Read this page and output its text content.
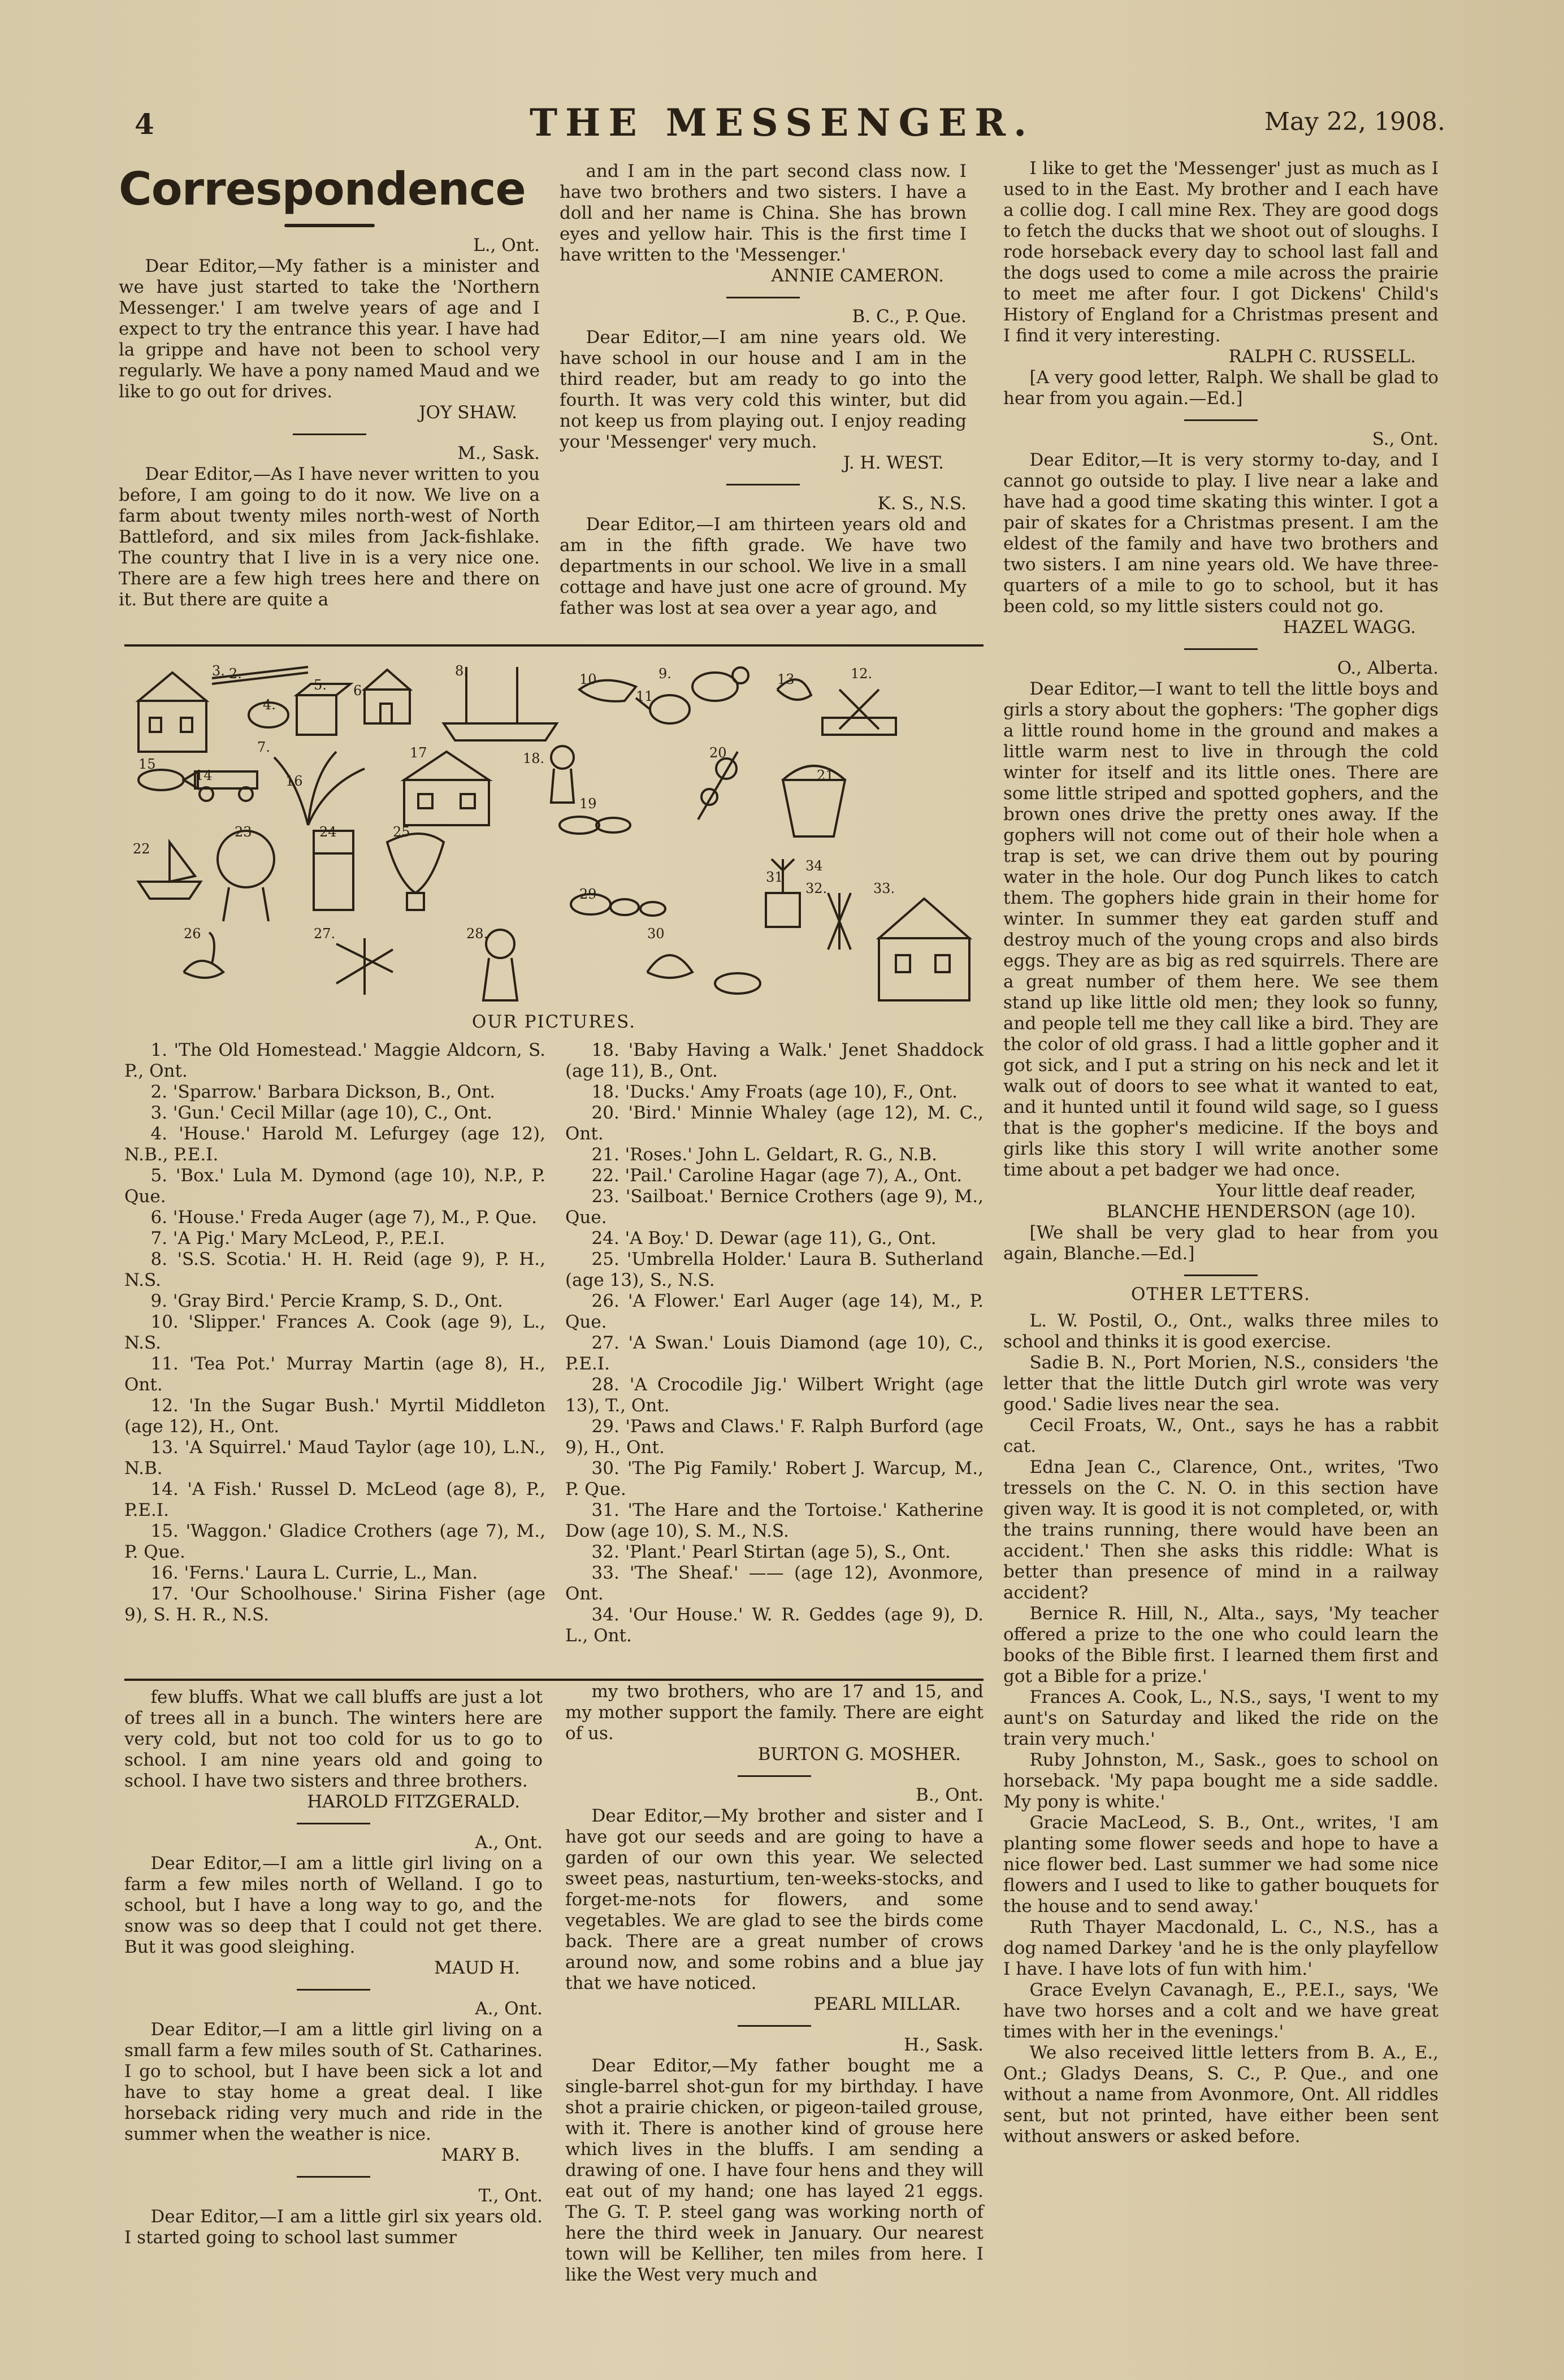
4	THE MESSENGER.	May 22, 1908.

Correspondence

L., Ont.

Dear Editor,—My father is a minister and we have just started to take the 'Northern Messenger.' I am twelve years of age and I expect to try the entrance this year. I have had la grippe and have not been to school very regularly. We have a pony named Maud and we like to go out for drives.

JOY SHAW.

M., Sask.

Dear Editor,—As I have never written to you before, I am going to do it now. We live on a farm about twenty miles north-west of North Battleford, and six miles from Jack-fishlake. The country that I live in is a very nice one. There are a few high trees here and there on it. But there are quite a

and I am in the part second class now. I have two brothers and two sisters. I have a doll and her name is China. She has brown eyes and yellow hair. This is the first time I have written to the 'Messenger.'

ANNIE CAMERON.

B. C., P. Que.

Dear Editor,—I am nine years old. We have school in our house and I am in the third reader, but am ready to go into the fourth. It was very cold this winter, but did not keep us from playing out. I enjoy reading your 'Messenger' very much.

J. H. WEST.

K. S., N.S.

Dear Editor,—I am thirteen years old and am in the fifth grade. We have two departments in our school. We live in a small cottage and have just one acre of ground. My father was lost at sea over a year ago, and

I like to get the 'Messenger' just as much as I used to in the East. My brother and I each have a collie dog. I call mine Rex. They are good dogs to fetch the ducks that we shoot out of sloughs. I rode horseback every day to school last fall and the dogs used to come a mile across the prairie to meet me after four. I got Dickens' Child's History of England for a Christmas present and I find it very interesting.

RALPH C. RUSSELL.

[A very good letter, Ralph. We shall be glad to hear from you again.—Ed.]

S., Ont.

Dear Editor,—It is very stormy to-day, and I cannot go outside to play. I live near a lake and have had a good time skating this winter. I got a pair of skates for a Christmas present. I am the eldest of the family and have two brothers and two sisters. I am nine years old. We have three-quarters of a mile to go to school, but it has been cold, so my little sisters could not go.

HAZEL WAGG.

O., Alberta.

Dear Editor,—I want to tell the little boys and girls a story about the gophers: 'The gopher digs a little round home in the ground and makes a little warm nest to live in through the cold winter for itself and its little ones. There are some little striped and spotted gophers, and the brown ones drive the pretty ones away. If the gophers will not come out of their hole when a trap is set, we can drive them out by pouring water in the hole. Our dog Punch likes to catch them. The gophers hide grain in their home for winter. In summer they eat garden stuff and destroy much of the young crops and also birds eggs. They are as big as red squirrels. There are a great number of them here. We see them stand up like little old men; they look so funny, and people tell me they call like a bird. They are the color of old grass. I had a little gopher and it got sick, and I put a string on his neck and let it walk out of doors to see what it wanted to eat, and it hunted until it found wild sage, so I guess that is the gopher's medicine. If the boys and girls like this story I will write another some time about a pet badger we had once.

Your little deaf reader,

BLANCHE HENDERSON (age 10).

[We shall be very glad to hear from you again, Blanche.—Ed.]

OTHER LETTERS.

L. W. Postil, O., Ont., walks three miles to school and thinks it is good exercise.

Sadie B. N., Port Morien, N.S., considers 'the letter that the little Dutch girl wrote was very good.' Sadie lives near the sea.

Cecil Froats, W., Ont., says he has a rabbit cat.

Edna Jean C., Clarence, Ont., writes, 'Two tressels on the C. N. O. in this section have given way. It is good it is not completed, or, with the trains running, there would have been an accident.' Then she asks this riddle: What is better than presence of mind in a railway accident?

Bernice R. Hill, N., Alta., says, 'My teacher offered a prize to the one who could learn the books of the Bible first. I learned them first and got a Bible for a prize.'

Frances A. Cook, L., N.S., says, 'I went to my aunt's on Saturday and liked the ride on the train very much.'

Ruby Johnston, M., Sask., goes to school on horseback. 'My papa bought me a side saddle. My pony is white.'

Gracie MacLeod, S. B., Ont., writes, 'I am planting some flower seeds and hope to have a nice flower bed. Last summer we had some nice flowers and I used to like to gather bouquets for the house and to send away.'

Ruth Thayer Macdonald, L. C., N.S., has a dog named Darkey 'and he is the only playfellow I have. I have lots of fun with him.'

Grace Evelyn Cavanagh, E., P.E.I., says, 'We have two horses and a colt and we have great times with her in the evenings.'

We also received little letters from B. A., E., Ont.; Gladys Deans, S. C., P. Que., and one without a name from Avonmore, Ont. All riddles sent, but not printed, have either been sent without answers or asked before.

2.
3.
4.
5. 6.
7.
8.	9.
10
11.
12.
13
14
15
16
17	18.
19
20
21
22
23	24	25
26	27.	28.
29
30
31
32.	33.
34
OUR PICTURES.
1. 'The Old Homestead.' Maggie Aldcorn, S. P., Ont.
2. 'Sparrow.' Barbara Dickson, B., Ont.
3. 'Gun.' Cecil Millar (age 10), C., Ont.
4. 'House.' Harold M. Lefurgey (age 12), N.B., P.E.I.
5. 'Box.' Lula M. Dymond (age 10), N.P., P. Que.
6. 'House.' Freda Auger (age 7), M., P. Que.
7. 'A Pig.' Mary McLeod, P., P.E.I.
8. 'S.S. Scotia.' H. H. Reid (age 9), P. H., N.S.
9. 'Gray Bird.' Percie Kramp, S. D., Ont.
10. 'Slipper.' Frances A. Cook (age 9), L., N.S.
11. 'Tea Pot.' Murray Martin (age 8), H., Ont.
12. 'In the Sugar Bush.' Myrtil Middleton (age 12), H., Ont.
13. 'A Squirrel.' Maud Taylor (age 10), L.N., N.B.
14. 'A Fish.' Russel D. McLeod (age 8), P., P.E.I.
15. 'Waggon.' Gladice Crothers (age 7), M., P. Que.
16. 'Ferns.' Laura L. Currie, L., Man.
17. 'Our Schoolhouse.' Sirina Fisher (age 9), S. H. R., N.S.
18. 'Baby Having a Walk.' Jenet Shaddock (age 11), B., Ont.
18. 'Ducks.' Amy Froats (age 10), F., Ont.
20. 'Bird.' Minnie Whaley (age 12), M. C., Ont.
21. 'Roses.' John L. Geldart, R. G., N.B.
22. 'Pail.' Caroline Hagar (age 7), A., Ont.
23. 'Sailboat.' Bernice Crothers (age 9), M., Que.
24. 'A Boy.' D. Dewar (age 11), G., Ont.
25. 'Umbrella Holder.' Laura B. Sutherland (age 13), S., N.S.
26. 'A Flower.' Earl Auger (age 14), M., P. Que.
27. 'A Swan.' Louis Diamond (age 10), C., P.E.I.
28. 'A Crocodile Jig.' Wilbert Wright (age 13), T., Ont.
29. 'Paws and Claws.' F. Ralph Burford (age 9), H., Ont.
30. 'The Pig Family.' Robert J. Warcup, M., P. Que.
31. 'The Hare and the Tortoise.' Katherine Dow (age 10), S. M., N.S.
32. 'Plant.' Pearl Stirtan (age 5), S., Ont.
33. 'The Sheaf.' —— (age 12), Avonmore, Ont.
34. 'Our House.' W. R. Geddes (age 9), D. L., Ont.

few bluffs. What we call bluffs are just a lot of trees all in a bunch. The winters here are very cold, but not too cold for us to go to school. I am nine years old and going to school. I have two sisters and three brothers.

HAROLD FITZGERALD.

A., Ont.

Dear Editor,—I am a little girl living on a farm a few miles north of Welland. I go to school, but I have a long way to go, and the snow was so deep that I could not get there. But it was good sleighing.

MAUD H.

A., Ont.

Dear Editor,—I am a little girl living on a small farm a few miles south of St. Catharines. I go to school, but I have been sick a lot and have to stay home a great deal. I like horseback riding very much and ride in the summer when the weather is nice.

MARY B.

T., Ont.

Dear Editor,—I am a little girl six years old. I started going to school last summer

my two brothers, who are 17 and 15, and my mother support the family. There are eight of us.

BURTON G. MOSHER.

B., Ont.

Dear Editor,—My brother and sister and I have got our seeds and are going to have a garden of our own this year. We selected sweet peas, nasturtium, ten-weeks-stocks, and forget-me-nots for flowers, and some vegetables. We are glad to see the birds come back. There are a great number of crows around now, and some robins and a blue jay that we have noticed.

PEARL MILLAR.

H., Sask.

Dear Editor,—My father bought me a single-barrel shot-gun for my birthday. I have shot a prairie chicken, or pigeon-tailed grouse, with it. There is another kind of grouse here which lives in the bluffs. I am sending a drawing of one. I have four hens and they will eat out of my hand; one has layed 21 eggs. The G. T. P. steel gang was working north of here the third week in January. Our nearest town will be Kelliher, ten miles from here. I like the West very much and
